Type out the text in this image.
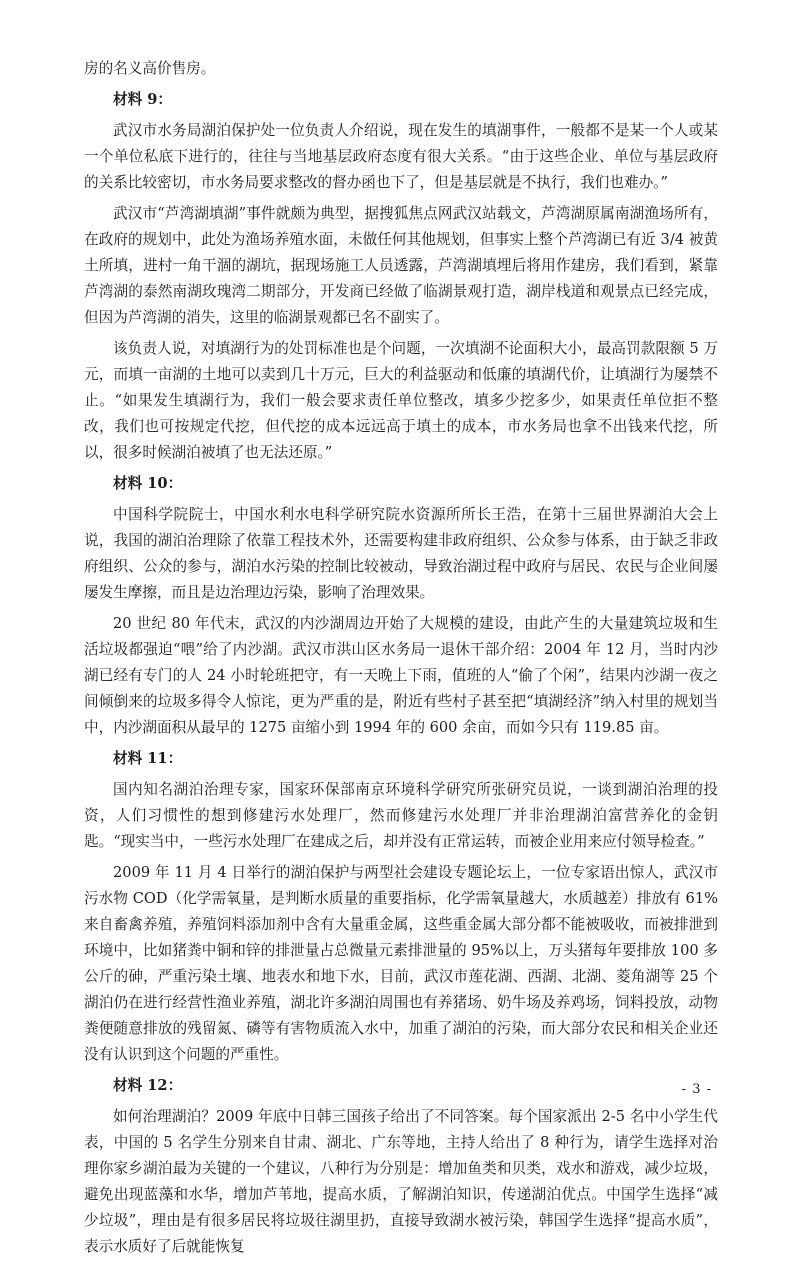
房的名义高价售房。

材料 9：

武汉市水务局湖泊保护处一位负责人介绍说，现在发生的填湖事件，一般都不是某一个人或某一个单位私底下进行的，往往与当地基层政府态度有很大关系。“由于这些企业、单位与基层政府的关系比较密切，市水务局要求整改的督办函也下了，但是基层就是不执行，我们也难办。”

武汉市“芦湾湖填湖”事件就颇为典型，据搜狐焦点网武汉站载文，芦湾湖原属南湖渔场所有，在政府的规划中，此处为渔场养殖水面，未做任何其他规划，但事实上整个芦湾湖已有近 3/4 被黄土所填，进村一角干涸的湖坑，据现场施工人员透露，芦湾湖填埋后将用作建房，我们看到，紧靠芦湾湖的泰然南湖玫瑰湾二期部分，开发商已经做了临湖景观打造，湖岸栈道和观景点已经完成，但因为芦湾湖的消失，这里的临湖景观都已名不副实了。

该负责人说，对填湖行为的处罚标准也是个问题，一次填湖不论面积大小，最高罚款限额 5 万元，而填一亩湖的土地可以卖到几十万元，巨大的利益驱动和低廉的填湖代价，让填湖行为屡禁不止。“如果发生填湖行为，我们一般会要求责任单位整改，填多少挖多少，如果责任单位拒不整改，我们也可按规定代挖，但代挖的成本远远高于填土的成本，市水务局也拿不出钱来代挖，所以，很多时候湖泊被填了也无法还原。”

材料 10：

中国科学院院士，中国水利水电科学研究院水资源所所长王浩，在第十三届世界湖泊大会上说，我国的湖泊治理除了依靠工程技术外，还需要构建非政府组织、公众参与体系，由于缺乏非政府组织、公众的参与，湖泊水污染的控制比较被动，导致治湖过程中政府与居民、农民与企业间屡屡发生摩擦，而且是边治理边污染，影响了治理效果。

20 世纪 80 年代末，武汉的内沙湖周边开始了大规模的建设，由此产生的大量建筑垃圾和生活垃圾都强迫“喂”给了内沙湖。武汉市洪山区水务局一退休干部介绍：2004 年 12 月，当时内沙湖已经有专门的人 24 小时轮班把守，有一天晚上下雨，值班的人“偷了个闲”，结果内沙湖一夜之间倾倒来的垃圾多得令人惊诧，更为严重的是，附近有些村子甚至把“填湖经济”纳入村里的规划当中，内沙湖面积从最早的 1275 亩缩小到 1994 年的 600 余亩，而如今只有 119.85 亩。

材料 11：

国内知名湖泊治理专家，国家环保部南京环境科学研究所张研究员说，一谈到湖泊治理的投资，人们习惯性的想到修建污水处理厂，然而修建污水处理厂并非治理湖泊富营养化的金钥匙。“现实当中，一些污水处理厂在建成之后，却并没有正常运转，而被企业用来应付领导检查。”

2009 年 11 月 4 日举行的湖泊保护与两型社会建设专题论坛上，一位专家语出惊人，武汉市污水物 COD（化学需氧量，是判断水质量的重要指标，化学需氧量越大，水质越差）排放有 61%来自畜禽养殖，养殖饲料添加剂中含有大量重金属，这些重金属大部分都不能被吸收，而被排泄到环境中，比如猪粪中铜和锌的排泄量占总微量元素排泄量的 95%以上，万头猪每年要排放 100 多公斤的砷，严重污染土壤、地表水和地下水，目前，武汉市莲花湖、西湖、北湖、菱角湖等 25 个湖泊仍在进行经营性渔业养殖，湖北许多湖泊周围也有养猪场、奶牛场及养鸡场，饲料投放，动物粪便随意排放的残留氮、磷等有害物质流入水中，加重了湖泊的污染，而大部分农民和相关企业还没有认识到这个问题的严重性。

材料 12：

如何治理湖泊？2009 年底中日韩三国孩子给出了不同答案。每个国家派出 2-5 名中小学生代表，中国的 5 名学生分别来自甘肃、湖北、广东等地，主持人给出了 8 种行为，请学生选择对治理你家乡湖泊最为关键的一个建议，八种行为分别是：增加鱼类和贝类，戏水和游戏，减少垃圾，避免出现蓝藻和水华，增加芦苇地，提高水质，了解湖泊知识，传递湖泊优点。中国学生选择“减少垃圾”，理由是有很多居民将垃圾往湖里扔，直接导致湖水被污染，韩国学生选择“提高水质”，表示水质好了后就能恢复

- 3 -
